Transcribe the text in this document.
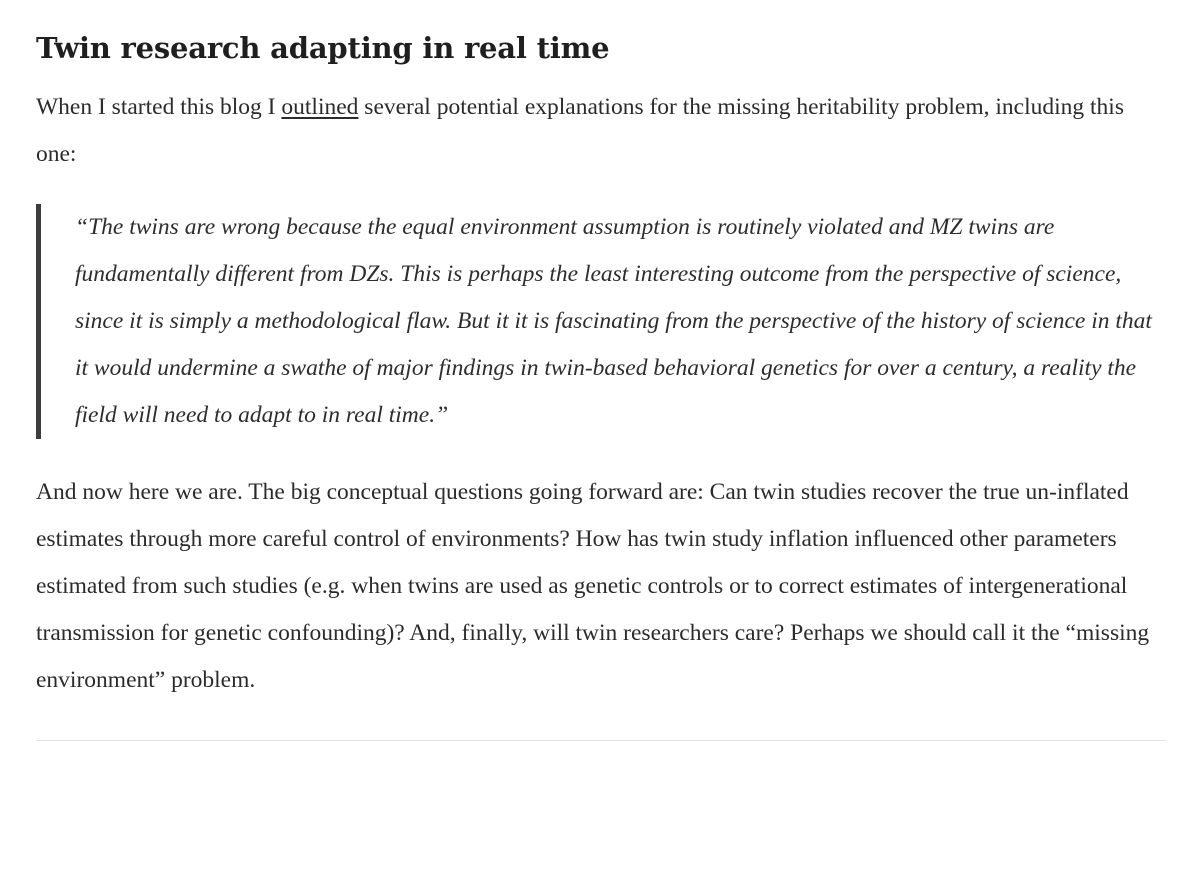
Twin research adapting in real time

When I started this blog I outlined several potential explanations for the missing heritability problem, including this one:

“The twins are wrong because the equal environment assumption is routinely violated and MZ twins are fundamentally different from DZs. This is perhaps the least interesting outcome from the perspective of science, since it is simply a methodological flaw. But it it is fascinating from the perspective of the history of science in that it would undermine a swathe of major findings in twin-based behavioral genetics for over a century, a reality the field will need to adapt to in real time.”

And now here we are. The big conceptual questions going forward are: Can twin studies recover the true un-inflated estimates through more careful control of environments? How has twin study inflation influenced other parameters estimated from such studies (e.g. when twins are used as genetic controls or to correct estimates of intergenerational transmission for genetic confounding)? And, finally, will twin researchers care? Perhaps we should call it the “missing environment” problem.
